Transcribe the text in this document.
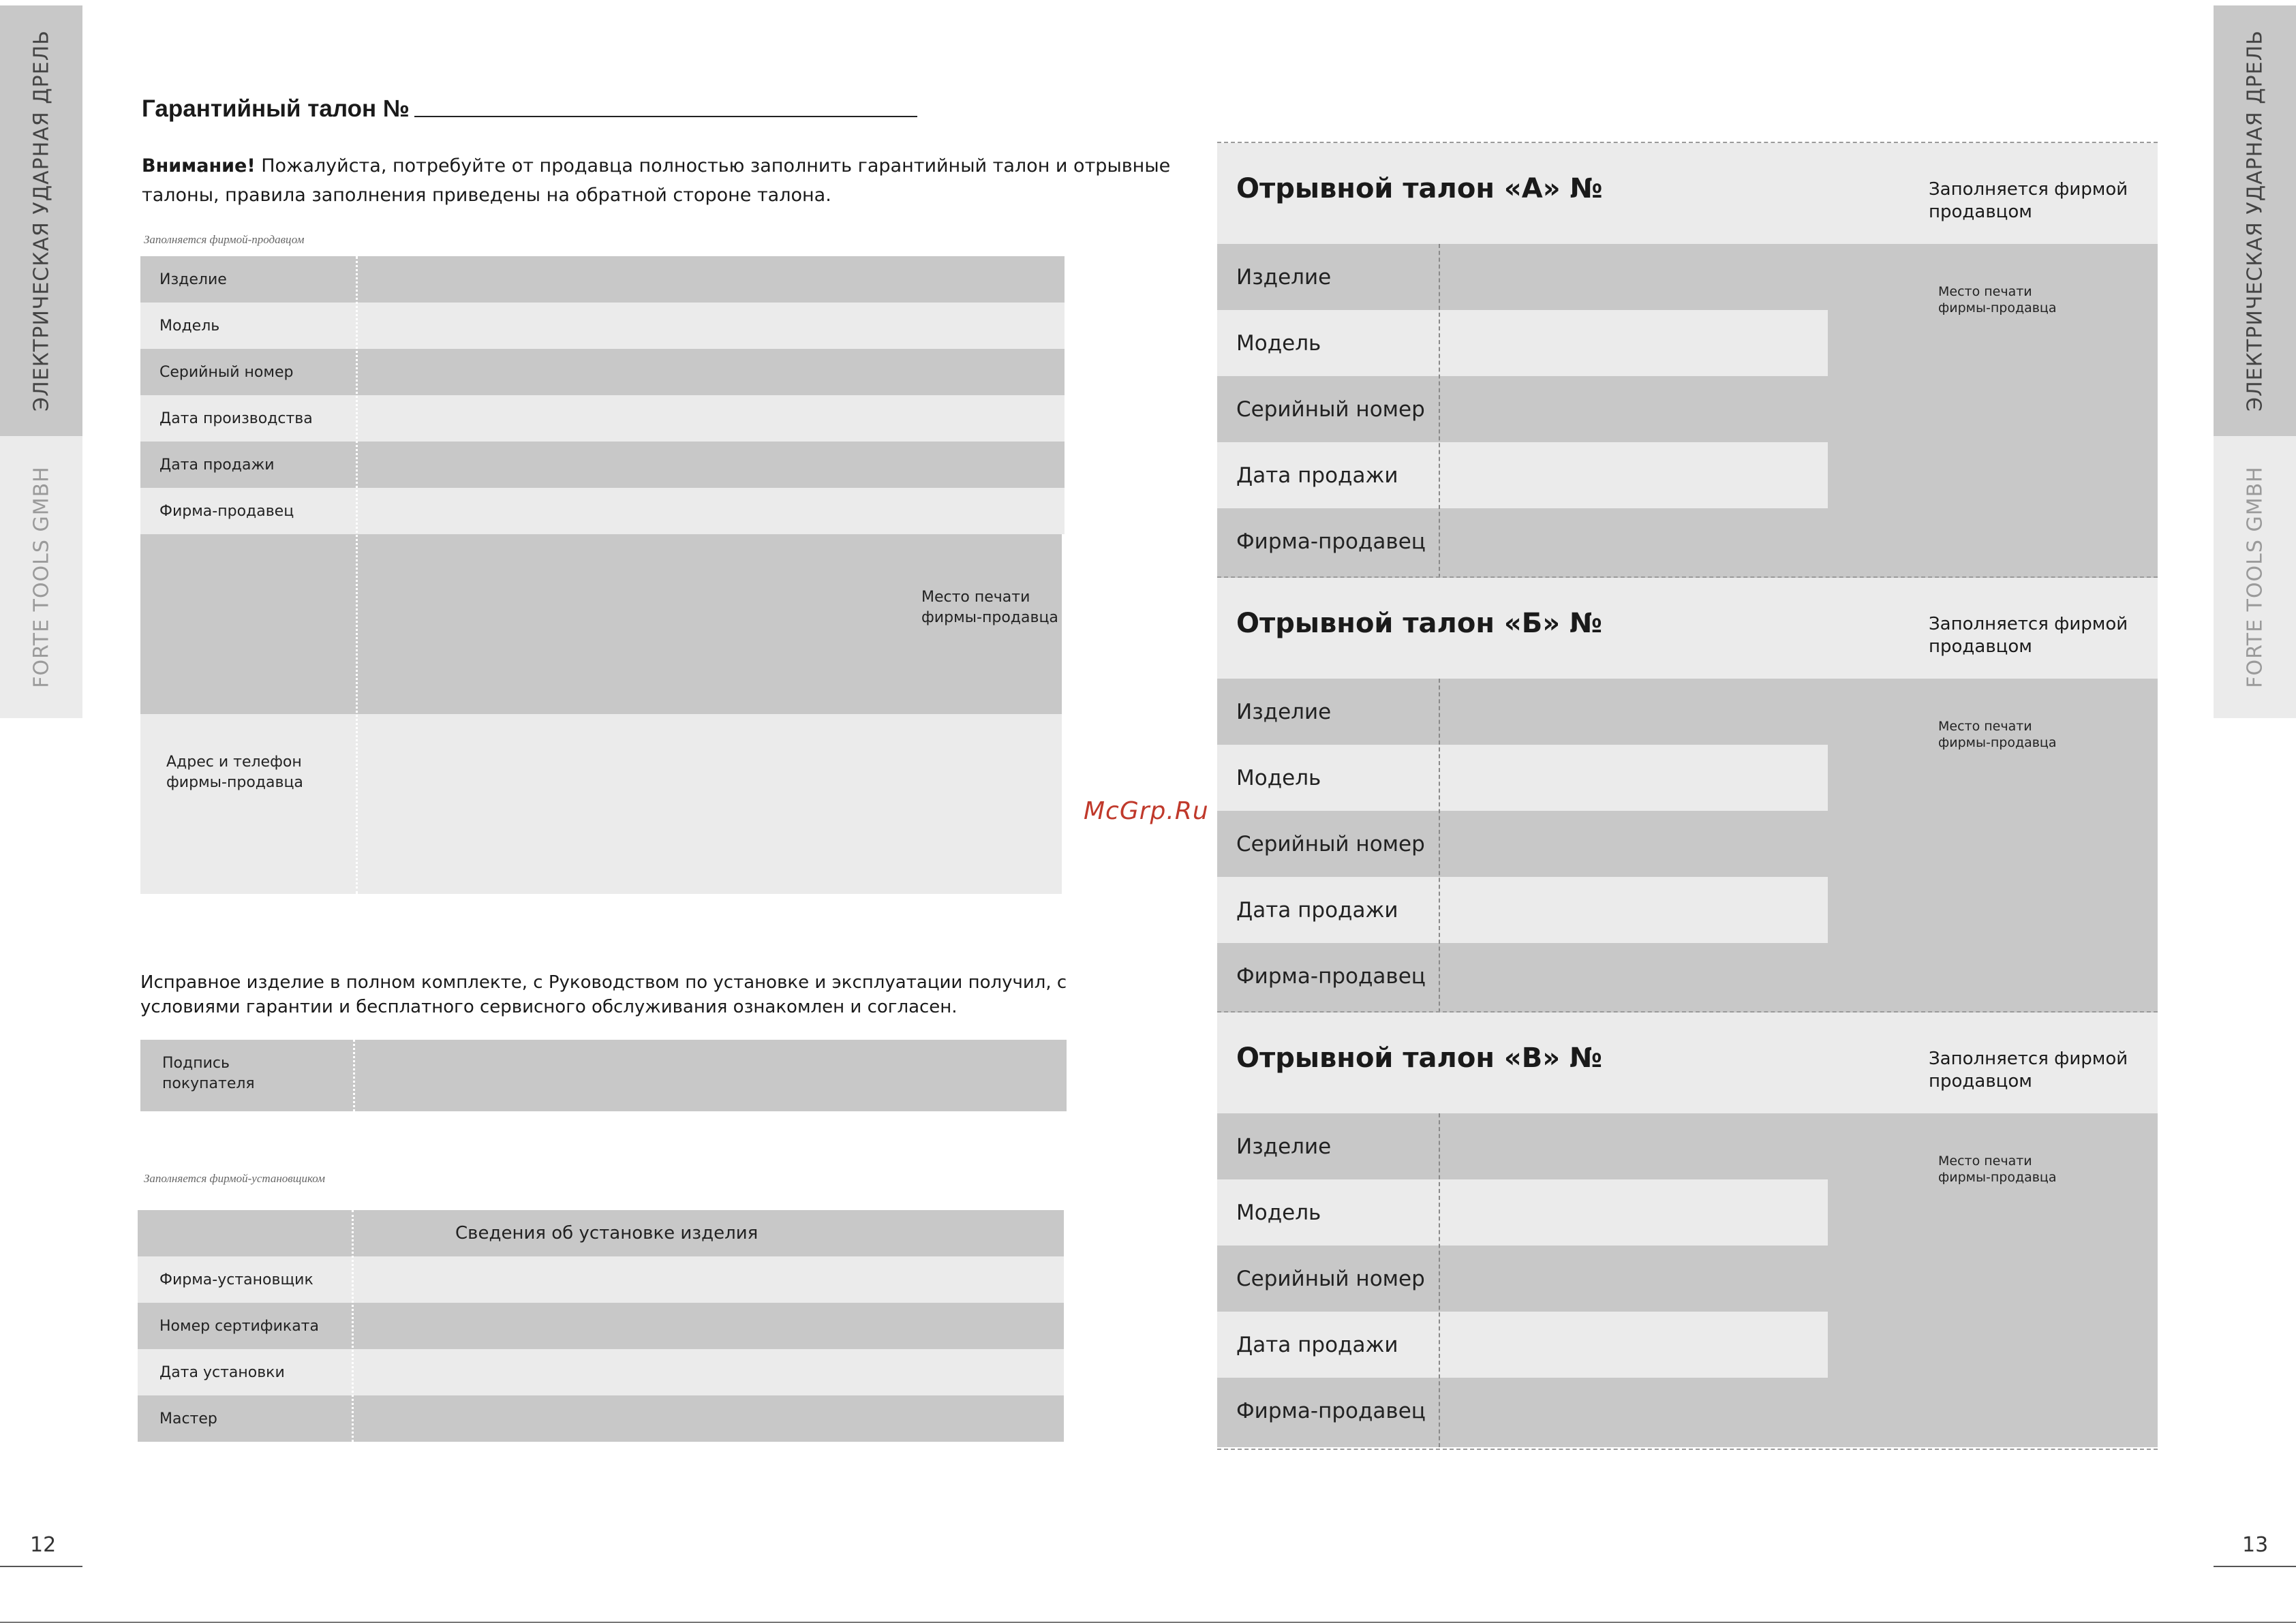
ЭЛЕКТРИЧЕСКАЯ УДАРНАЯ ДРЕЛЬ
FORTE TOOLS GMBH
ЭЛЕКТРИЧЕСКАЯ УДАРНАЯ ДРЕЛЬ
FORTE TOOLS GMBH
12	13
Гарантийный талон №
Внимание! Пожалуйста, потребуйте от продавца полностью заполнить гарантийный талон и отрывные талоны, правила заполнения приведены на обратной стороне талона.
Заполняется фирмой-продавцом
Изделие
Модель
Серийный номер
Дата производства
Дата продажи
Фирма-продавец
Место печати
фирмы-продавца
Адрес и телефон
фирмы-продавца
Исправное изделие в полном комплекте, с Руководством по установке и эксплуатации получил, с условиями гарантии и бесплатного сервисного обслуживания ознакомлен и согласен.
Подпись
покупателя
Заполняется фирмой-установщиком
Сведения об установке изделия
Фирма-установщик
Номер сертификата
Дата установки
Мастер
McGrp.Ru
Отрывной талон «А» №	Заполняется фирмой продавцом
Изделие
Модель
Серийный номер
Дата продажи
Фирма-продавец
Место печати
фирмы-продавца
Отрывной талон «Б» №	Заполняется фирмой продавцом
Изделие
Модель
Серийный номер
Дата продажи
Фирма-продавец
Место печати
фирмы-продавца
Отрывной талон «В» №	Заполняется фирмой продавцом
Изделие
Модель
Серийный номер
Дата продажи
Фирма-продавец
Место печати
фирмы-продавца
